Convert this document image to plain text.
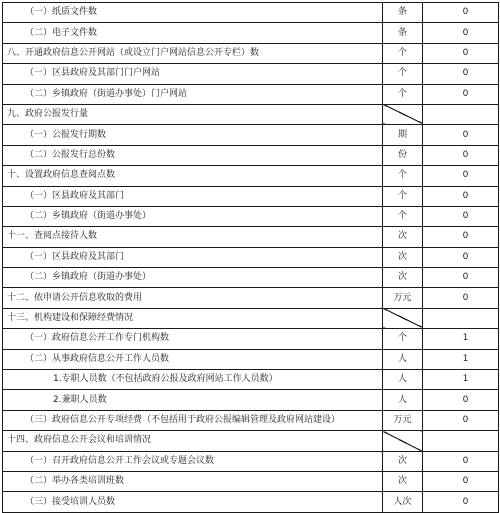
（一）纸质文件数	条	0
（二）电子文件数	条	0
八、开通政府信息公开网站（或设立门户网站信息公开专栏）数	个	0
（一）区县政府及其部门门户网站	个	0
（二）乡镇政府（街道办事处）门户网站	个	0
九、政府公报发行量		
（一）公报发行期数	期	0
（二）公报发行总份数	份	0
十、设置政府信息查阅点数	个	0
（一）区县政府及其部门	个	0
（二）乡镇政府（街道办事处）	个	0
十一、查阅点接待人数	次	0
（一）区县政府及其部门	次	0
（二）乡镇政府（街道办事处）	次	0
十二、依申请公开信息收取的费用	万元	0
十三、机构建设和保障经费情况		
（一）政府信息公开工作专门机构数	个	1
（二）从事政府信息公开工作人员数	人	1
1.专职人员数（不包括政府公报及政府网站工作人员数）	人	1
2.兼职人员数	人	0
（三）政府信息公开专项经费（不包括用于政府公报编辑管理及政府网站建设）	万元	0
十四、政府信息公开会议和培训情况		
（一）召开政府信息公开工作会议或专题会议数	次	0
（二）举办各类培训班数	次	0
（三）接受培训人员数	人次	0
